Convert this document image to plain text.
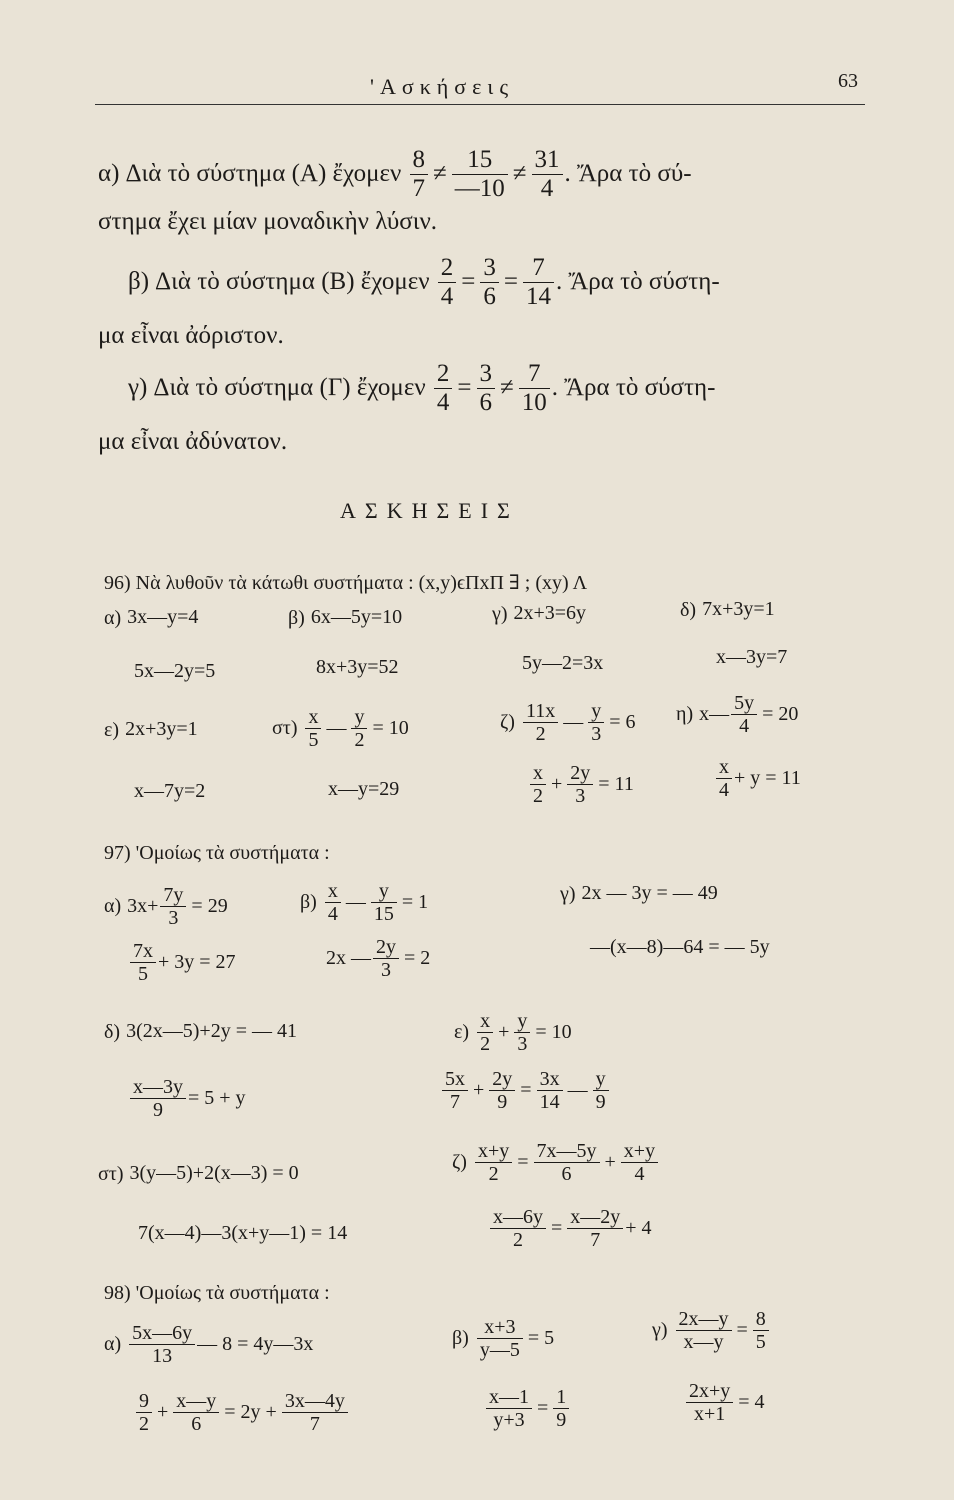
'Ασκήσεις	63
α) Διὰ τὸ σύστημα (Α) ἔχομεν $\frac{8}{7} \ne \frac{15}{—10} \ne \frac{31}{4}$ . Ἄρα τὸ σύ-
στημα ἔχει μίαν μοναδικὴν λύσιν.
β) Διὰ τὸ σύστημα (Β) ἔχομεν $\frac{2}{4} = \frac{3}{6} = \frac{7}{14}$ . Ἄρα τὸ σύστη-
μα εἶναι ἀόριστον.
γ) Διὰ τὸ σύστημα (Γ) ἔχομεν $\frac{2}{4} = \frac{3}{6} \ne \frac{7}{10}$ . Ἄρα τὸ σύστη-
μα εἶναι ἀδύνατον.
ΑΣΚΗΣΕΙΣ
96) Νὰ λυθοῦν τὰ κάτωθι συστήματα : (x,y)ϵΠxΠ ∃ ; (xy) Λ
α) 3x—y=4
5x—2y=5
β) 6x—5y=10
8x+3y=52
γ) 2x+3=6y
5y—2=3x
δ) 7x+3y=1
x—3y=7
ε) 2x+3y=1
x—7y=2
$\sigma\tau) \frac{x}{5}$ — $\frac{y}{2} = 10$
x—y=29
$\zeta) \frac{11x}{2}$ — $\frac{y}{3} = 6$
$\frac{x}{2} + \frac{2y}{3} = 11$
η) x— $\frac{5y}{4} = 20$
$\frac{x}{4} + y = 11$
97) 'Ομοίως τὰ συστήματα :
α) $3x+ \frac{7y}{3} = 29$
$\frac{7x}{5} + 3y = 27$
$\beta) \frac{x}{4}$ — $\frac{y}{15} = 1$
2x — $\frac{2y}{3} = 2$
γ) 2x — 3y = — 49
—(x—8)—64 = — 5y
δ) 3(2x—5)+2y = — 41
$\frac{x—3y}{9} = 5 + y$
$\varepsilon) \frac{x}{2} + \frac{y}{3} = 10$
$\frac{5x}{7} + \frac{2y}{9} = \frac{3x}{14}$ — $\frac{y}{9}$
στ) 3(y—5)+2(x—3) = 0
7(x—4)—3(x+y—1) = 14
$\zeta) \frac{x+y}{2} = \frac{7x—5y}{6} + \frac{x+y}{4}$
$\frac{x—6y}{2} = \frac{x—2y}{7} + 4$
98) 'Ομοίως τὰ συστήματα :
$\alpha) \frac{5x—6y}{13}$ — 8 = 4y—3x
$\frac{9}{2} + \frac{x—y}{6} = 2y + \frac{3x—4y}{7}$
$\beta) \frac{x+3}{y—5} = 5$
$\frac{x—1}{y+3} = \frac{1}{9}$
$\gamma) \frac{2x—y}{x—y} = \frac{8}{5}$
$\frac{2x+y}{x+1} = 4$
